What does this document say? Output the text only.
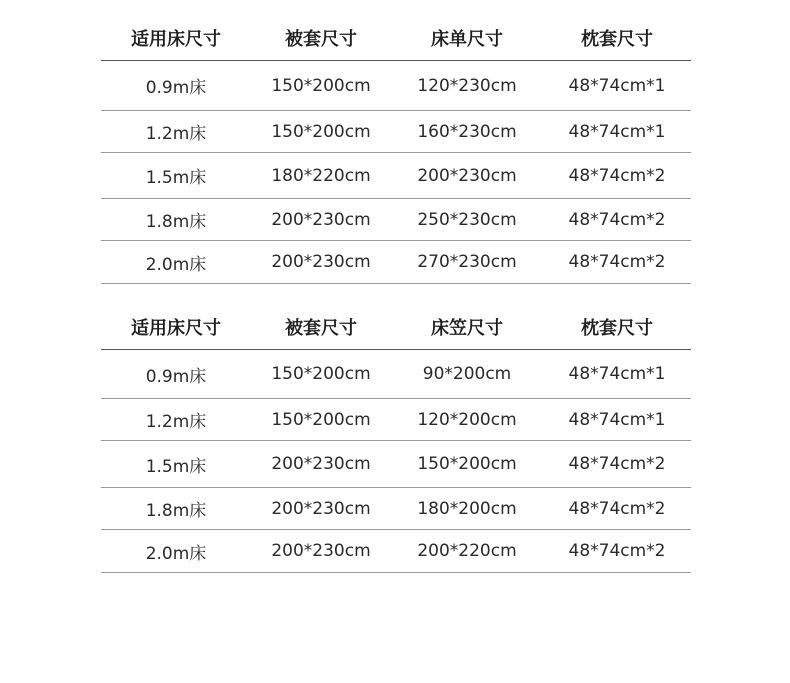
适用床尺寸	被套尺寸	床单尺寸	枕套尺寸
0.9m床	150*200cm	120*230cm	48*74cm*1
1.2m床	150*200cm	160*230cm	48*74cm*1
1.5m床	180*220cm	200*230cm	48*74cm*2
1.8m床	200*230cm	250*230cm	48*74cm*2
2.0m床	200*230cm	270*230cm	48*74cm*2
适用床尺寸	被套尺寸	床笠尺寸	枕套尺寸
0.9m床	150*200cm	90*200cm	48*74cm*1
1.2m床	150*200cm	120*200cm	48*74cm*1
1.5m床	200*230cm	150*200cm	48*74cm*2
1.8m床	200*230cm	180*200cm	48*74cm*2
2.0m床	200*230cm	200*220cm	48*74cm*2
